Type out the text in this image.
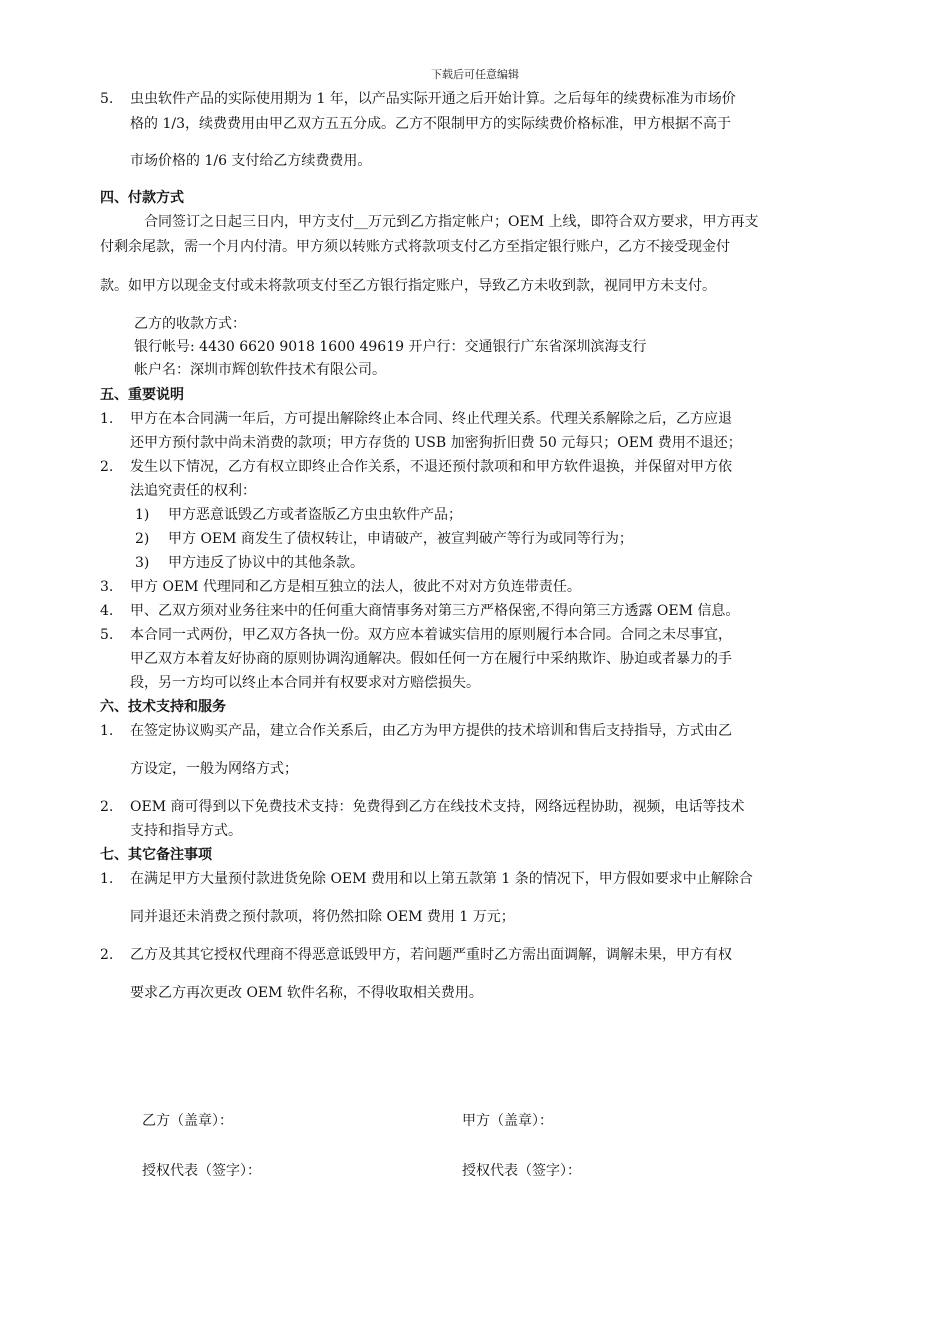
下载后可任意编辑
5. 虫虫软件产品的实际使用期为 1 年，以产品实际开通之后开始计算。之后每年的续费标准为市场价
格的 1/3，续费费用由甲乙双方五五分成。乙方不限制甲方的实际续费价格标准，甲方根据不高于
市场价格的 1/6 支付给乙方续费费用。
四、付款方式
合同签订之日起三日内，甲方支付__万元到乙方指定帐户；OEM 上线，即符合双方要求，甲方再支
付剩余尾款，需一个月内付清。甲方须以转账方式将款项支付乙方至指定银行账户，乙方不接受现金付
款。如甲方以现金支付或未将款项支付至乙方银行指定账户，导致乙方未收到款，视同甲方未支付。
乙方的收款方式：
银行帐号: 4430 6620 9018 1600 49619 开户行：交通银行广东省深圳滨海支行
帐户名：深圳市辉创软件技术有限公司。
五、重要说明
1. 甲方在本合同满一年后，方可提出解除终止本合同、终止代理关系。代理关系解除之后，乙方应退
还甲方预付款中尚未消费的款项；甲方存货的 USB 加密狗折旧费 50 元每只；OEM 费用不退还；
2. 发生以下情况，乙方有权立即终止合作关系，不退还预付款项和和甲方软件退换，并保留对甲方依
法追究责任的权利：
1) 甲方恶意诋毁乙方或者盗版乙方虫虫软件产品；
2) 甲方 OEM 商发生了债权转让，申请破产，被宣判破产等行为或同等行为；
3) 甲方违反了协议中的其他条款。
3. 甲方 OEM 代理同和乙方是相互独立的法人，彼此不对对方负连带责任。
4. 甲、乙双方须对业务往来中的任何重大商情事务对第三方严格保密,不得向第三方透露 OEM 信息。
5. 本合同一式两份，甲乙双方各执一份。双方应本着诚实信用的原则履行本合同。合同之未尽事宜，
甲乙双方本着友好协商的原则协调沟通解决。假如任何一方在履行中采纳欺诈、胁迫或者暴力的手
段，另一方均可以终止本合同并有权要求对方赔偿损失。
六、技术支持和服务
1. 在签定协议购买产品，建立合作关系后，由乙方为甲方提供的技术培训和售后支持指导，方式由乙
方设定，一般为网络方式；
2. OEM 商可得到以下免费技术支持：免费得到乙方在线技术支持，网络远程协助，视频，电话等技术
支持和指导方式。
七、其它备注事项
1. 在满足甲方大量预付款进货免除 OEM 费用和以上第五款第 1 条的情况下，甲方假如要求中止解除合
同并退还未消费之预付款项，将仍然扣除 OEM 费用 1 万元；
2. 乙方及其其它授权代理商不得恶意诋毁甲方，若问题严重时乙方需出面调解，调解未果，甲方有权
要求乙方再次更改 OEM 软件名称，不得收取相关费用。
乙方（盖章）：	甲方（盖章）：
授权代表（签字）：	授权代表（签字）：
